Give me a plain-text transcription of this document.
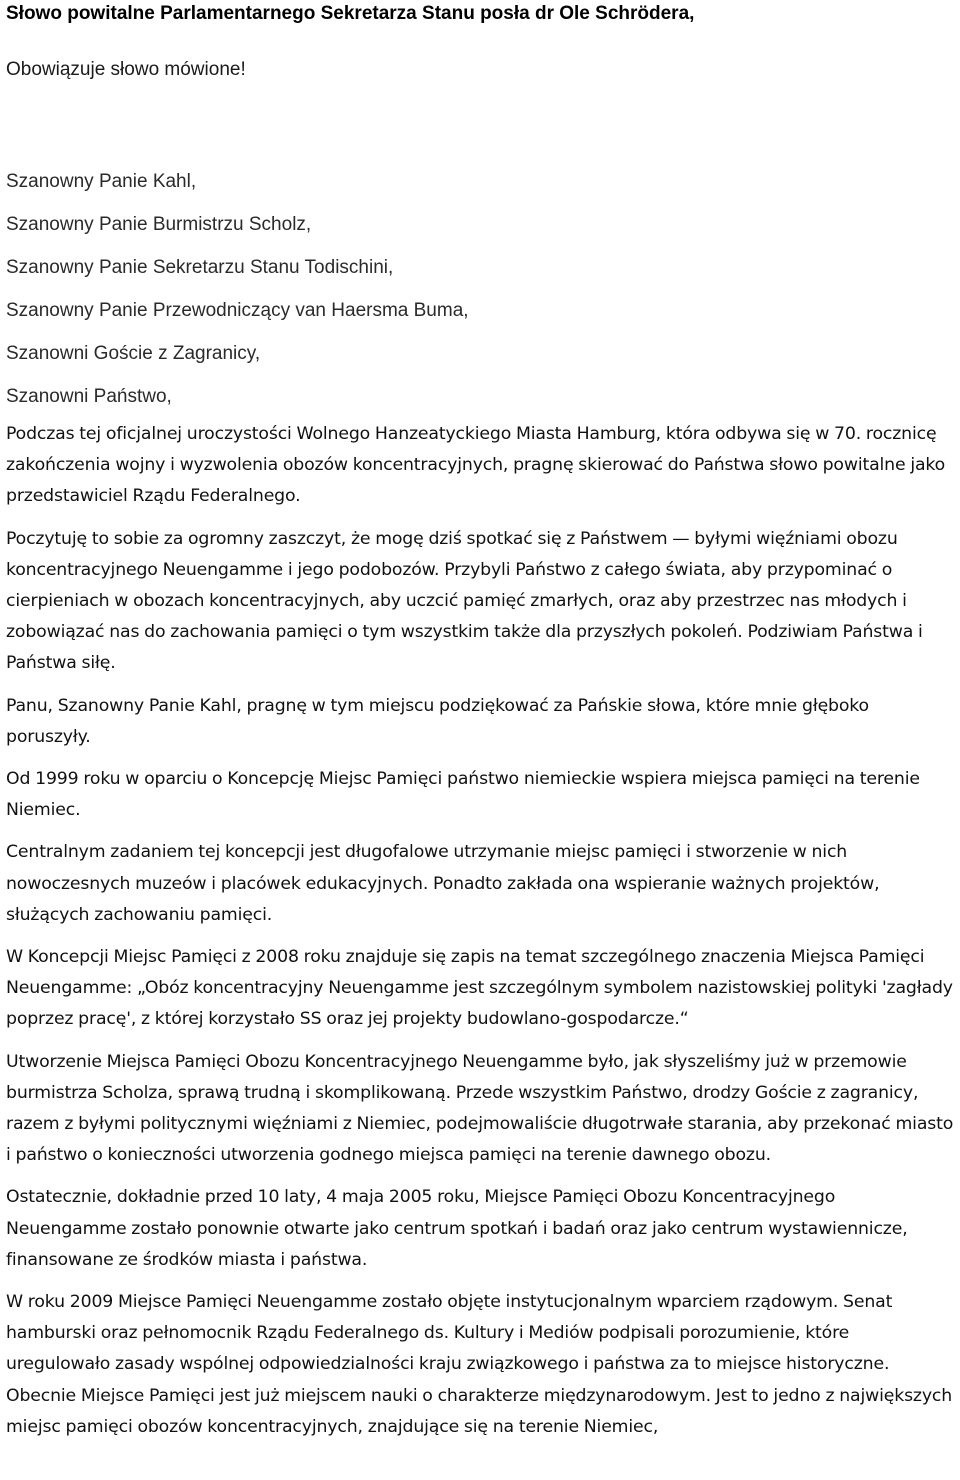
Słowo powitalne Parlamentarnego Sekretarza Stanu posła dr Ole Schrödera,

Obowiązuje słowo mówione!

Szanowny Panie Kahl,
Szanowny Panie Burmistrzu Scholz,
Szanowny Panie Sekretarzu Stanu Todischini,
Szanowny Panie Przewodniczący van Haersma Buma,
Szanowni Goście z Zagranicy,
Szanowni Państwo,

Podczas tej oficjalnej uroczystości Wolnego Hanzeatyckiego Miasta Hamburg, która odbywa się w 70. rocznicę zakończenia wojny i wyzwolenia obozów koncentracyjnych, pragnę skierować do Państwa słowo powitalne jako przedstawiciel Rządu Federalnego.

Poczytuję to sobie za ogromny zaszczyt, że mogę dziś spotkać się z Państwem — byłymi więźniami obozu koncentracyjnego Neuengamme i jego podobozów. Przybyli Państwo z całego świata, aby przypominać o cierpieniach w obozach koncentracyjnych, aby uczcić pamięć zmarłych, oraz aby przestrzec nas młodych i zobowiązać nas do zachowania pamięci o tym wszystkim także dla przyszłych pokoleń. Podziwiam Państwa i Państwa siłę.

Panu, Szanowny Panie Kahl, pragnę w tym miejscu podziękować za Pańskie słowa, które mnie głęboko poruszyły.

Od 1999 roku w oparciu o Koncepcję Miejsc Pamięci państwo niemieckie wspiera miejsca pamięci na terenie Niemiec.

Centralnym zadaniem tej koncepcji jest długofalowe utrzymanie miejsc pamięci i stworzenie w nich nowoczesnych muzeów i placówek edukacyjnych. Ponadto zakłada ona wspieranie ważnych projektów, służących zachowaniu pamięci.

W Koncepcji Miejsc Pamięci z 2008 roku znajduje się zapis na temat szczególnego znaczenia Miejsca Pamięci Neuengamme: „Obóz koncentracyjny Neuengamme jest szczególnym symbolem nazistowskiej polityki 'zagłady poprzez pracę', z której korzystało SS oraz jej projekty budowlano-gospodarcze.“

Utworzenie Miejsca Pamięci Obozu Koncentracyjnego Neuengamme było, jak słyszeliśmy już w przemowie burmistrza Scholza, sprawą trudną i skomplikowaną. Przede wszystkim Państwo, drodzy Goście z zagranicy, razem z byłymi politycznymi więźniami z Niemiec, podejmowaliście długotrwałe starania, aby przekonać miasto i państwo o konieczności utworzenia godnego miejsca pamięci na terenie dawnego obozu.

Ostatecznie, dokładnie przed 10 laty, 4 maja 2005 roku, Miejsce Pamięci Obozu Koncentracyjnego Neuengamme zostało ponownie otwarte jako centrum spotkań i badań oraz jako centrum wystawiennicze, finansowane ze środków miasta i państwa.

W roku 2009 Miejsce Pamięci Neuengamme zostało objęte instytucjonalnym wparciem rządowym. Senat hamburski oraz pełnomocnik Rządu Federalnego ds. Kultury i Mediów podpisali porozumienie, które uregulowało zasady wspólnej odpowiedzialności kraju związkowego i państwa za to miejsce historyczne. Obecnie Miejsce Pamięci jest już miejscem nauki o charakterze międzynarodowym. Jest to jedno z największych miejsc pamięci obozów koncentracyjnych, znajdujące się na terenie Niemiec,
